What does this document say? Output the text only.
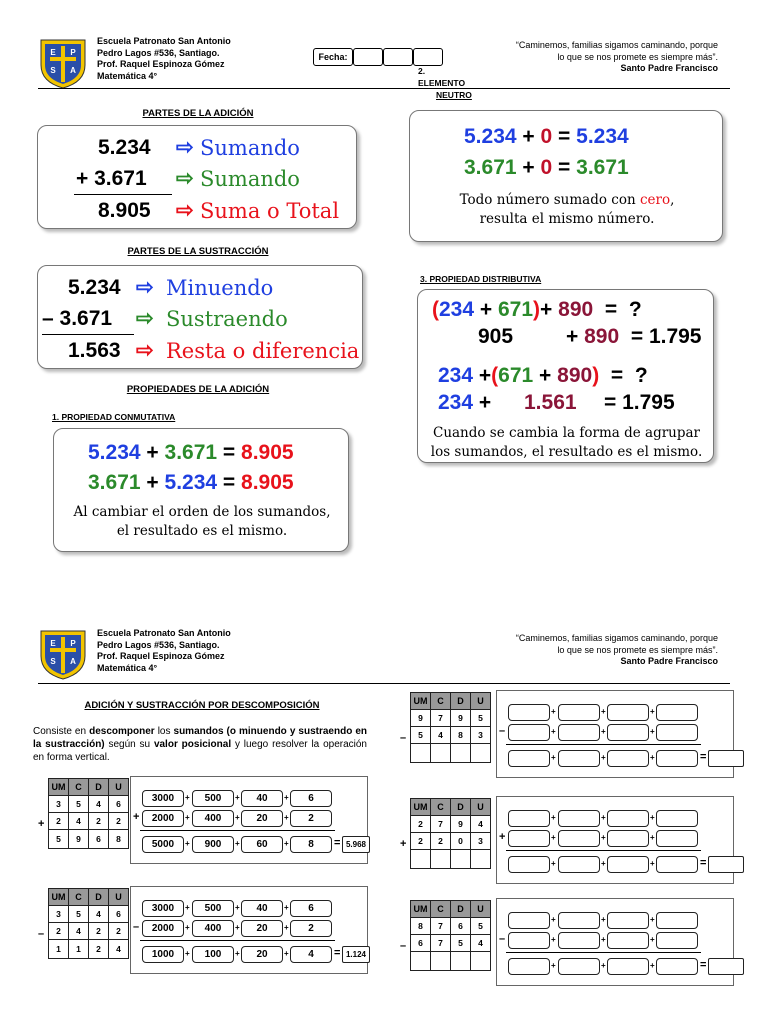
E P
S A
Escuela Patronato San Antonio
Pedro Lagos #536, Santiago.
Prof. Raquel Espinoza Gómez
Matemática 4°
Fecha:
“Caminemos, familias sigamos caminando, porque
lo que se nos promete es siempre más”.
Santo Padre Francisco
PARTES DE LA ADICIÓN
5.234 ⇨ Sumando
+ 3.671 ⇨ Sumando
8.905 ⇨ Suma o Total
PARTES DE LA SUSTRACCIÓN
5.234 ⇨ Minuendo
– 3.671 ⇨ Sustraendo
1.563 ⇨ Resta o diferencia
PROPIEDADES DE LA ADICIÓN
1. PROPIEDAD CONMUTATIVA
5.234 + 3.671 = 8.905
3.671 + 5.234 = 8.905
Al cambiar el orden de los sumandos,
el resultado es el mismo.
2.
ELEMENTO
NEUTRO
5.234 + 0 = 5.234
3.671 + 0 = 3.671
Todo número sumado con cero,
resulta el mismo número.
3. PROPIEDAD DISTRIBUTIVA
(234 + 671)+ 890 = ?
905	+ 890 = 1.795
234 +(671 + 890) = ?
234 + 1.561 = 1.795
Cuando se cambia la forma de agrupar
los sumandos, el resultado es el mismo.
E P
S A
Escuela Patronato San Antonio
Pedro Lagos #536, Santiago.
Prof. Raquel Espinoza Gómez
Matemática 4°
“Caminemos, familias sigamos caminando, porque
lo que se nos promete es siempre más”.
Santo Padre Francisco
ADICIÓN Y SUSTRACCIÓN POR DESCOMPOSICIÓN
Consiste en descomponer los sumandos (o minuendo y sustraendo en la sustracción) según su valor posicional y luego resolver la operación en forma vertical.
UM	C	D	U
3	5	4	6
2	4	2	2
5	9	6	8
+
3000	+	500	+	40	+	6
2000	+	400	+	20	+	2
5000	+	900	+	60	+	8
+
= 5.968
UM	C	D	U
3	5	4	6
2	4	2	2
1	1	2	4
–
3000	+	500	+	40	+	6
2000	+	400	+	20	+	2
1000	+	100	+	20	+	4
–
= 1.124
UM	C	D	U
9	7	9	5
5	4	8	3

–
+	+	+
+	+	+
+	+	+
–
=
UM	C	D	U
2	7	9	4
2	2	0	3

+
+	+	+
+	+	+
+	+	+
+
=
UM	C	D	U
8	7	6	5
6	7	5	4

–
+	+	+
+	+	+
+	+	+
–
=
